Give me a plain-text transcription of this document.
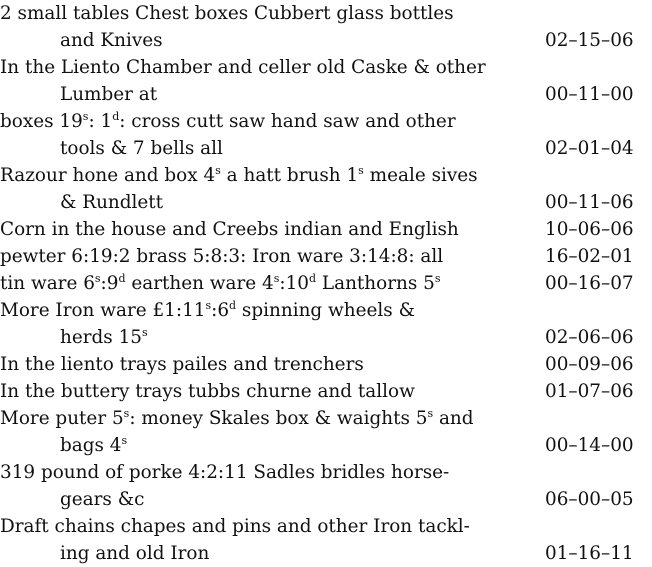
2 small tables Chest boxes Cubbert glass bottles
and Knives	02–15–06
In the Liento Chamber and celler old Caske & other
Lumber at	00–11–00
boxes 19$^s$: 1$^d$: cross cutt saw hand saw and other
tools & 7 bells all	02–01–04
Razour hone and box 4$^s$ a hatt brush 1$^s$ meale sives
& Rundlett	00–11–06
Corn in the house and Creebs indian and English	10–06–06
pewter 6:19:2 brass 5:8:3: Iron ware 3:14:8: all	16–02–01
tin ware 6$^s$:9$^d$ earthen ware 4$^s$:10$^d$ Lanthorns 5$^s$	00–16–07
More Iron ware £1:11$^s$:6$^d$ spinning wheels &
herds 15$^s$	02–06–06
In the liento trays pailes and trenchers	00–09–06
In the buttery trays tubbs churne and tallow	01–07–06
More puter 5$^s$: money Skales box & waights 5$^s$ and
bags 4$^s$	00–14–00
319 pound of porke 4:2:11 Sadles bridles horse-
gears &c	06–00–05
Draft chains chapes and pins and other Iron tackl-
ing and old Iron	01–16–11
